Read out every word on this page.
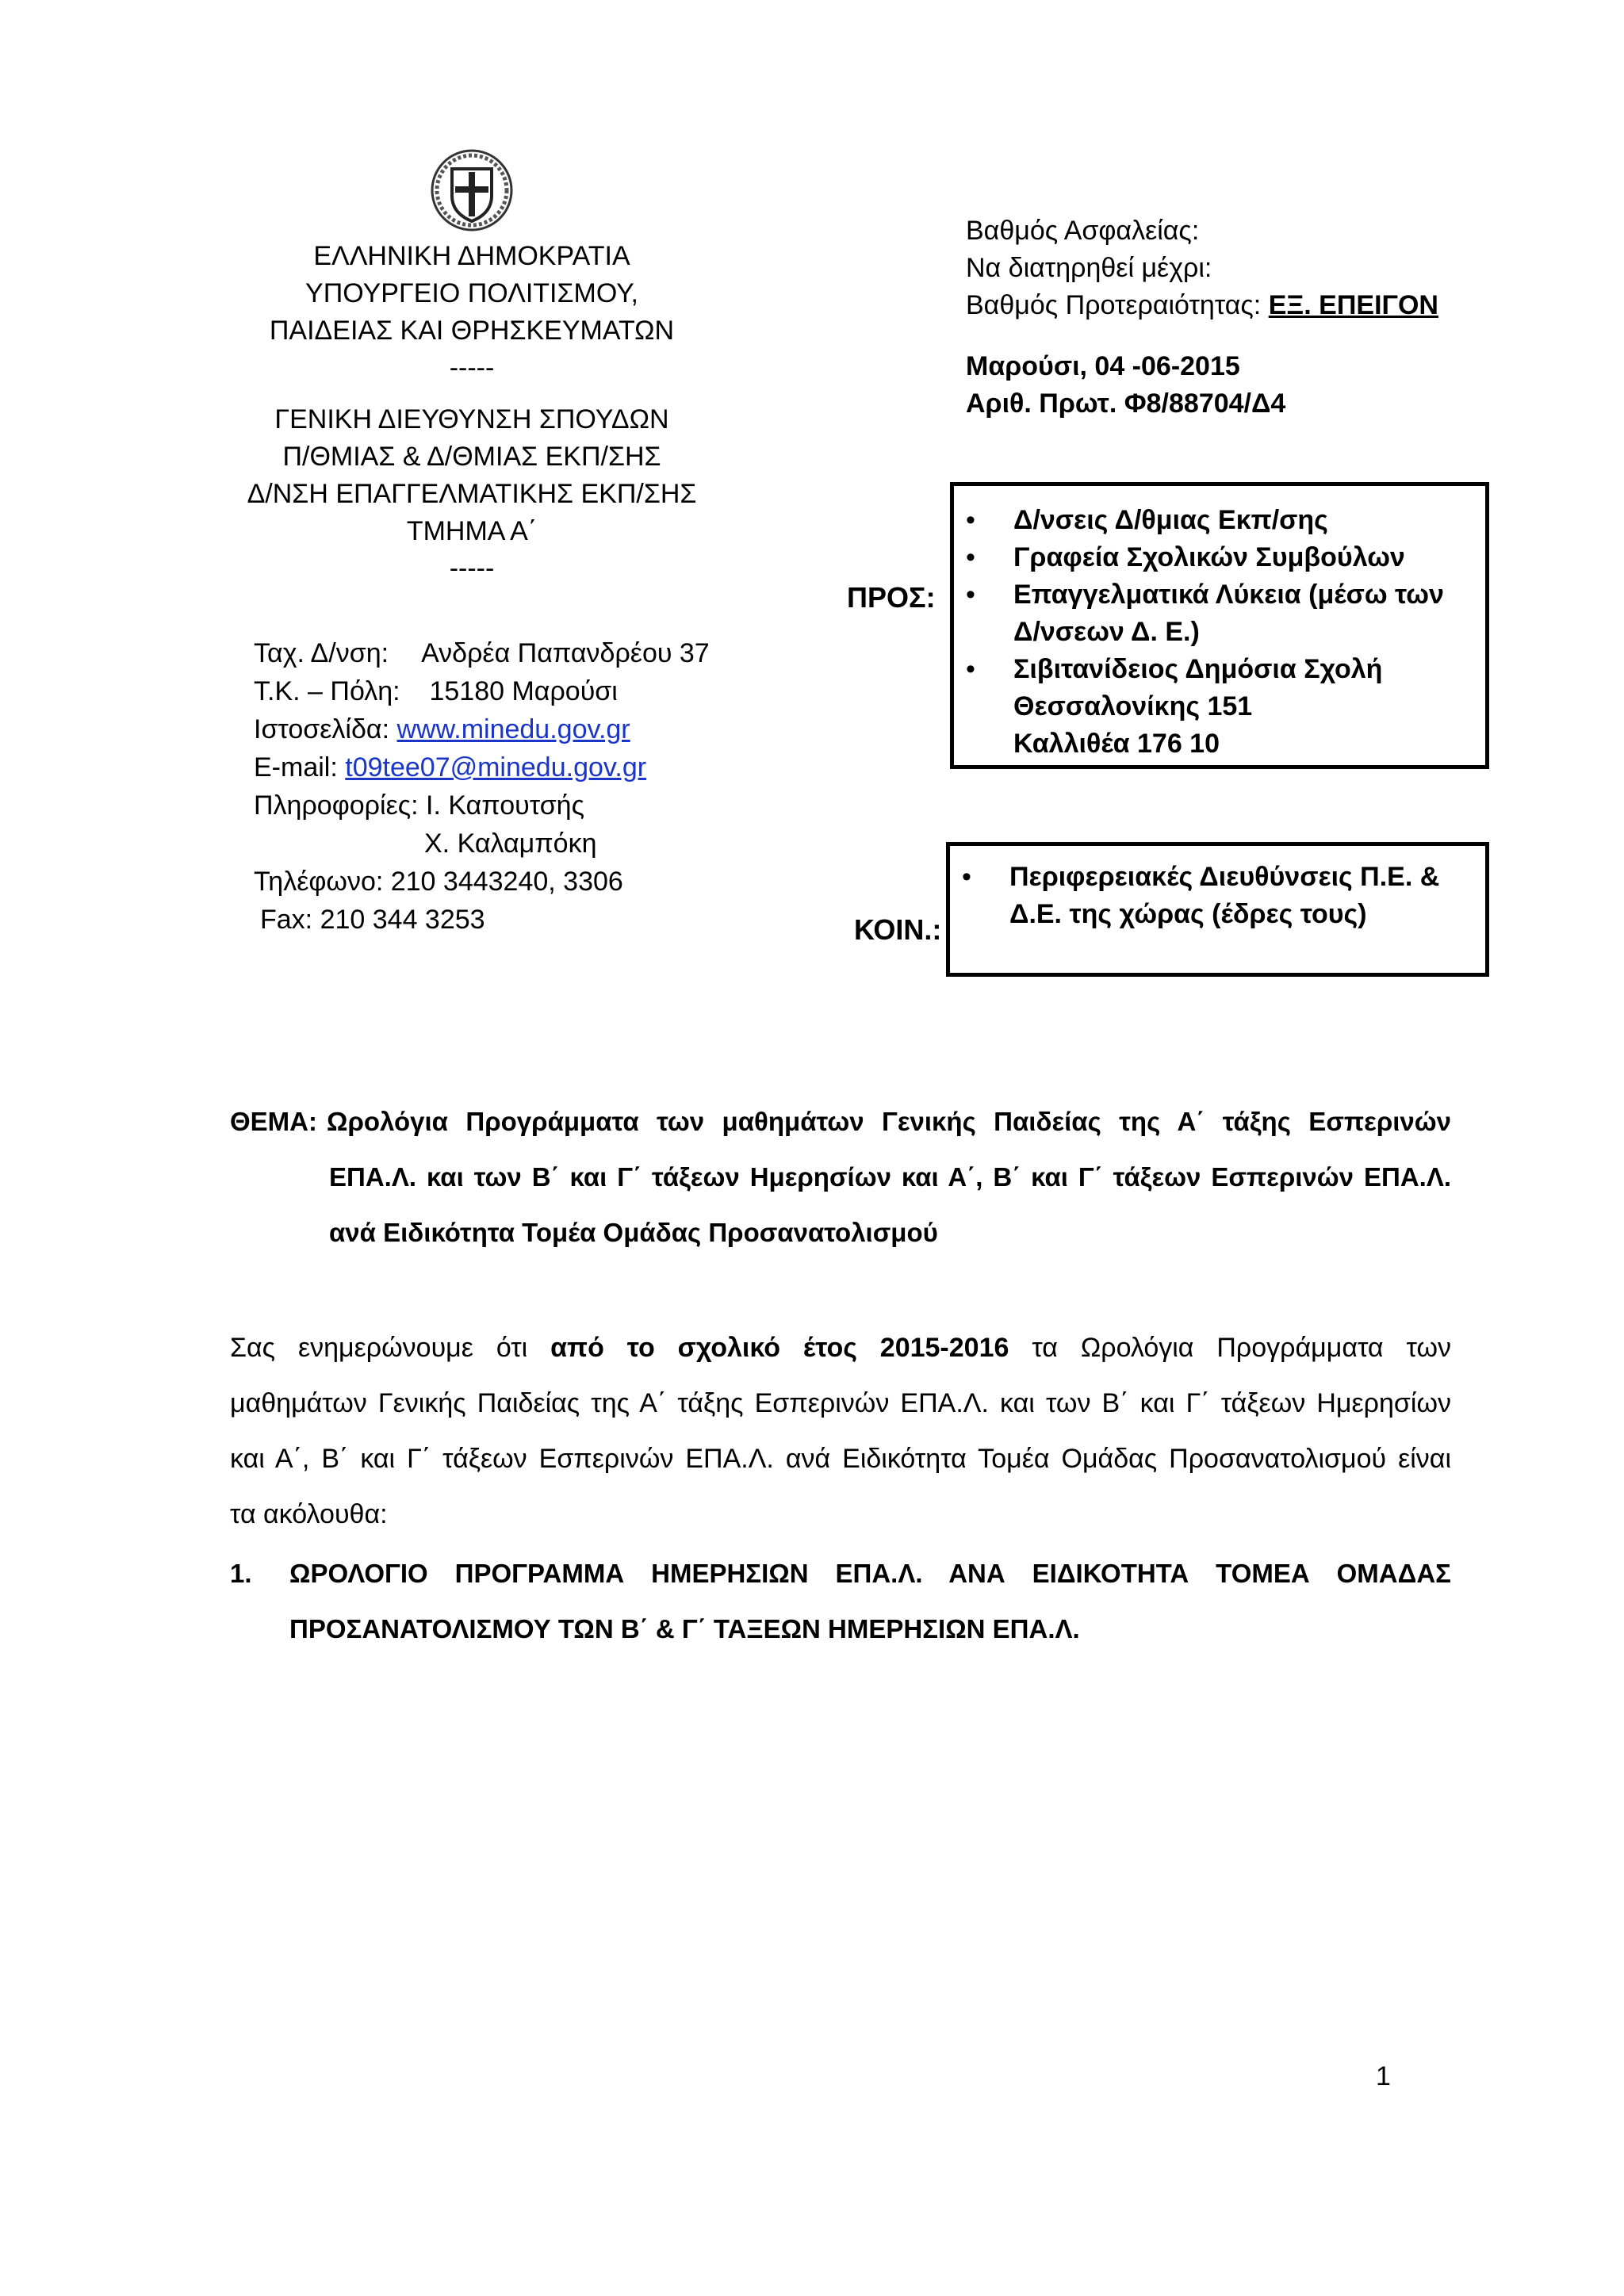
ΕΛΛΗΝΙΚΗ ΔΗΜΟΚΡΑΤΙΑ
ΥΠΟΥΡΓΕΙΟ ΠΟΛΙΤΙΣΜΟΥ,
ΠΑΙΔΕΙΑΣ ΚΑΙ ΘΡΗΣΚΕΥΜΑΤΩΝ
-----
ΓΕΝΙΚΗ ΔΙΕΥΘΥΝΣΗ ΣΠΟΥΔΩΝ
Π/ΘΜΙΑΣ & Δ/ΘΜΙΑΣ ΕΚΠ/ΣΗΣ
Δ/ΝΣΗ ΕΠΑΓΓΕΛΜΑΤΙΚΗΣ ΕΚΠ/ΣΗΣ
ΤΜΗΜΑ Α΄
-----
Ταχ. Δ/νση: Ανδρέα Παπανδρέου 37
Τ.Κ. – Πόλη: 15180 Μαρούσι
Ιστοσελίδα: www.minedu.gov.gr
E-mail: t09tee07@minedu.gov.gr
Πληροφορίες: Ι. Καπουτσής
Χ. Καλαμπόκη
Τηλέφωνο: 210 3443240, 3306
Fax: 210 344 3253
Βαθμός Ασφαλείας:
Να διατηρηθεί μέχρι:
Βαθμός Προτεραιότητας: ΕΞ. ΕΠΕΙΓΟΝ
Μαρούσι, 04 -06-2015
Αριθ. Πρωτ. Φ8/88704/Δ4
ΠΡΟΣ:
• Δ/νσεις Δ/θμιας Εκπ/σης
• Γραφεία Σχολικών Συμβούλων
• Επαγγελματικά Λύκεια (μέσω των
Δ/νσεων Δ. Ε.)
• Σιβιτανίδειος Δημόσια Σχολή
Θεσσαλονίκης 151
Καλλιθέα 176 10
ΚΟΙΝ.:
• Περιφερειακές Διευθύνσεις Π.Ε. &
Δ.Ε. της χώρας (έδρες τους)
ΘΕΜΑ: Ωρολόγια Προγράμματα των μαθημάτων Γενικής Παιδείας της Α΄ τάξης Εσπερινών
ΕΠΑ.Λ. και των Β΄ και Γ΄ τάξεων Ημερησίων και Α΄, Β΄ και Γ΄ τάξεων Εσπερινών ΕΠΑ.Λ.
ανά Ειδικότητα Τομέα Ομάδας Προσανατολισμού
Σας ενημερώνουμε ότι από το σχολικό έτος 2015-2016 τα Ωρολόγια Προγράμματα των
μαθημάτων Γενικής Παιδείας της Α΄ τάξης Εσπερινών ΕΠΑ.Λ. και των Β΄ και Γ΄ τάξεων Ημερησίων
και Α΄, Β΄ και Γ΄ τάξεων Εσπερινών ΕΠΑ.Λ. ανά Ειδικότητα Τομέα Ομάδας Προσανατολισμού είναι
τα ακόλουθα:
1. ΩΡΟΛΟΓΙΟ ΠΡΟΓΡΑΜΜΑ ΗΜΕΡΗΣΙΩΝ ΕΠΑ.Λ. ΑΝΑ ΕΙΔΙΚΟΤΗΤΑ ΤΟΜΕΑ ΟΜΑΔΑΣ
ΠΡΟΣΑΝΑΤΟΛΙΣΜΟΥ ΤΩΝ Β΄ & Γ΄ ΤΑΞΕΩΝ ΗΜΕΡΗΣΙΩΝ ΕΠΑ.Λ.
1
